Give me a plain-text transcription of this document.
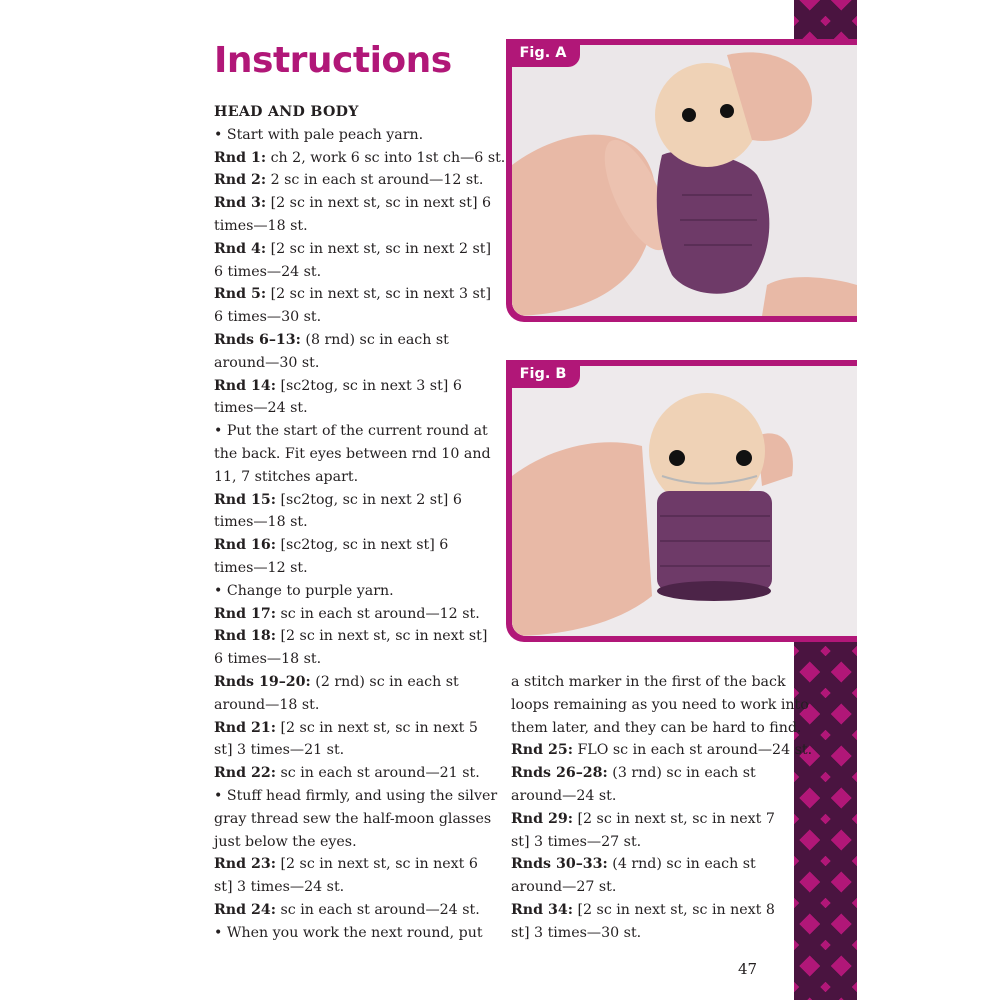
Instructions
HEAD AND BODY
• Start with pale peach yarn.
Rnd 1: ch 2, work 6 sc into 1st ch—6 st.
Rnd 2: 2 sc in each st around—12 st.
Rnd 3: [2 sc in next st, sc in next st] 6
times—18 st.
Rnd 4: [2 sc in next st, sc in next 2 st]
6 times—24 st.
Rnd 5: [2 sc in next st, sc in next 3 st]
6 times—30 st.
Rnds 6–13: (8 rnd) sc in each st
around—30 st.
Rnd 14: [sc2tog, sc in next 3 st] 6
times—24 st.
• Put the start of the current round at
the back. Fit eyes between rnd 10 and
11, 7 stitches apart.
Rnd 15: [sc2tog, sc in next 2 st] 6
times—18 st.
Rnd 16: [sc2tog, sc in next st] 6
times—12 st.
• Change to purple yarn.
Rnd 17: sc in each st around—12 st.
Rnd 18: [2 sc in next st, sc in next st]
6 times—18 st.
Rnds 19–20: (2 rnd) sc in each st
around—18 st.
Rnd 21: [2 sc in next st, sc in next 5
st] 3 times—21 st.
Rnd 22: sc in each st around—21 st.
• Stuff head firmly, and using the silver
gray thread sew the half-moon glasses
just below the eyes.
Rnd 23: [2 sc in next st, sc in next 6
st] 3 times—24 st.
Rnd 24: sc in each st around—24 st.
• When you work the next round, put
a stitch marker in the first of the back
loops remaining as you need to work into
them later, and they can be hard to find.
Rnd 25: FLO sc in each st around—24 st.
Rnds 26–28: (3 rnd) sc in each st
around—24 st.
Rnd 29: [2 sc in next st, sc in next 7
st] 3 times—27 st.
Rnds 30–33: (4 rnd) sc in each st
around—27 st.
Rnd 34: [2 sc in next st, sc in next 8
st] 3 times—30 st.
Fig. A
Fig. B
47
